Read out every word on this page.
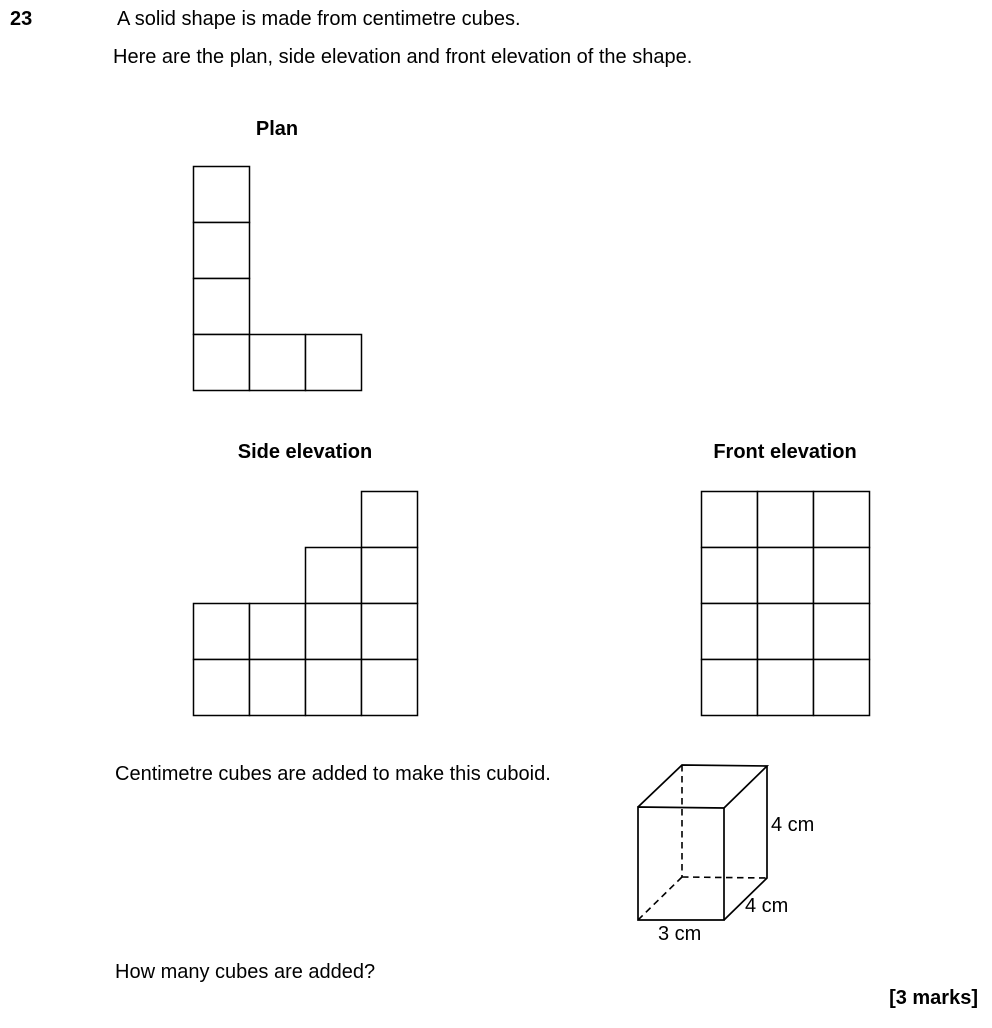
23	A solid shape is made from centimetre cubes.
Here are the plan, side elevation and front elevation of the shape.
Plan
Side elevation	Front elevation
Centimetre cubes are added to make this cuboid.
4 cm
4 cm
3 cm
How many cubes are added?
[3 marks]
